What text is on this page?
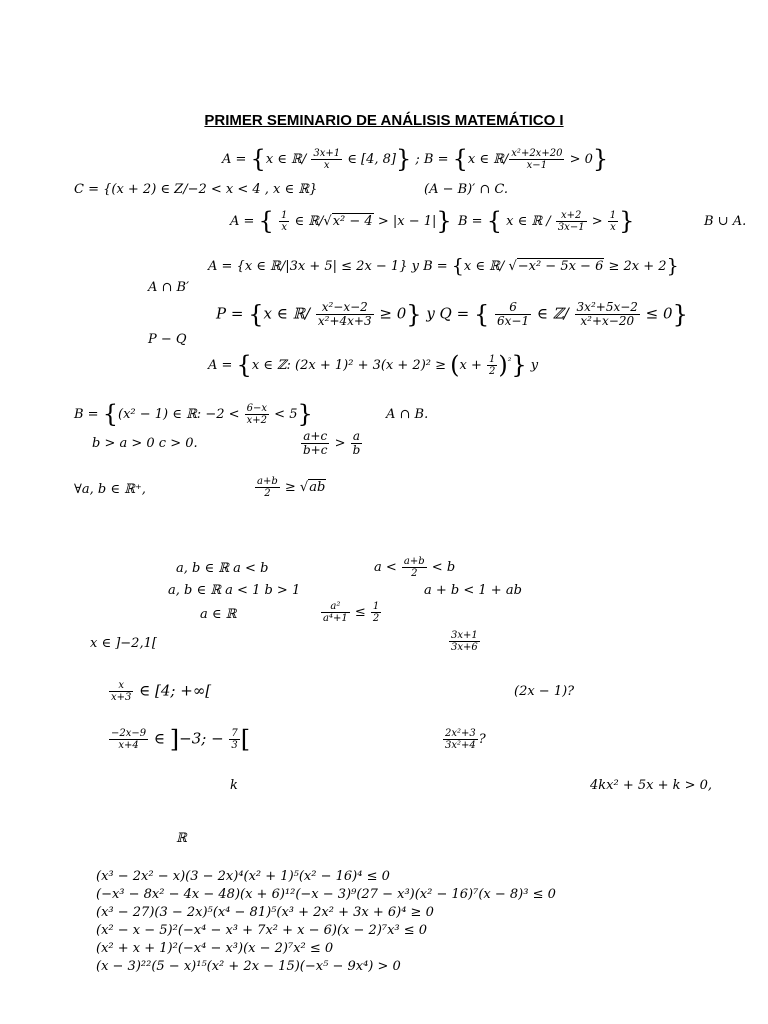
PRIMER SEMINARIO DE ANÁLISIS MATEMÁTICO I
A = {x ∈ ℝ/ $\frac{3x+1}{x}$ ∈ [4, 8]} ; B = {x ∈ ℝ/ $\frac{\text{x²+2x+20}}{x-1} > 0$}
C = {(x + 2) ∈ Z/−2 < x < 4 , x ∈ ℝ}	(A − B)′ ∩ C.
A = { $\frac{1}{x}$ ∈ ℝ/√x² − 4 > |x − 1|} B = { x ∈ ℝ / $\frac{x+2}{3x-1} > \frac{1}{x}$ }	B ∪ A.
A = {x ∈ ℝ/|3x + 5| ≤ 2x − 1} y B = {x ∈ ℝ/ √−x² − 5x − 6 ≥ 2x + 2}
A ∩ B′
P = {x ∈ ℝ/ $\frac{\text{x²−x−2}}{\text{x²+4x+3}} \ge 0$} y Q = { $\frac{6}{6x-1}$ ∈ ℤ/ $\frac{\text{3x²+5x−2}}{\text{x²+x−20}} \le 0$}
P − Q
A = {x ∈ ℤ: $(2x + 1)^2 + 3(x + 2)^2 \ge (x + \frac{1}{2} )^{^2}$} y
B = {(x² − 1) ∈ ℝ: $-2 < \frac{6-x}{x+2} < 5$}	A ∩ B.
b > a > 0 c > 0.	$\frac{a+c}{b+c} > \frac{a}{b}$
∀a, b ∈ ℝ⁺,	$\frac{a+b}{2} \ge √ab$
a, b ∈ ℝ a < b	$a < \frac{a+b}{2} < b$
a, b ∈ ℝ a < 1 b > 1	a + b < 1 + ab
a ∈ ℝ	$\frac{\text{a²}}{\text{a⁴+1}} \le \frac{1}{2}$
x ∈ ]−2,1[	$\frac{3x+1}{3x+6}$
$\frac{x}{x+3}$ ∈ [4; +∞[	(2x − 1)?
$\frac{-2x-9}{x+4}$ ∈ ]−3; − $\frac{7}{3}$ [	$\frac{\text{2x²+3}}{\text{3x²+4}}$ ?
k	4kx² + 5x + k > 0,
ℝ
(x³ − 2x² − x)(3 − 2x)⁴(x² + 1)⁵(x² − 16)⁴ ≤ 0
(−x³ − 8x² − 4x − 48)(x + 6)¹²(−x − 3)⁹(27 − x³)(x² − 16)⁷(x − 8)³ ≤ 0
(x³ − 27)(3 − 2x)⁵(x⁴ − 81)⁵(x³ + 2x² + 3x + 6)⁴ ≥ 0
(x² − x − 5)²(−x⁴ − x³ + 7x² + x − 6)(x − 2)⁷x³ ≤ 0
(x² + x + 1)²(−x⁴ − x³)(x − 2)⁷x² ≤ 0
(x − 3)²²(5 − x)¹⁵(x² + 2x − 15)(−x⁵ − 9x⁴) > 0
